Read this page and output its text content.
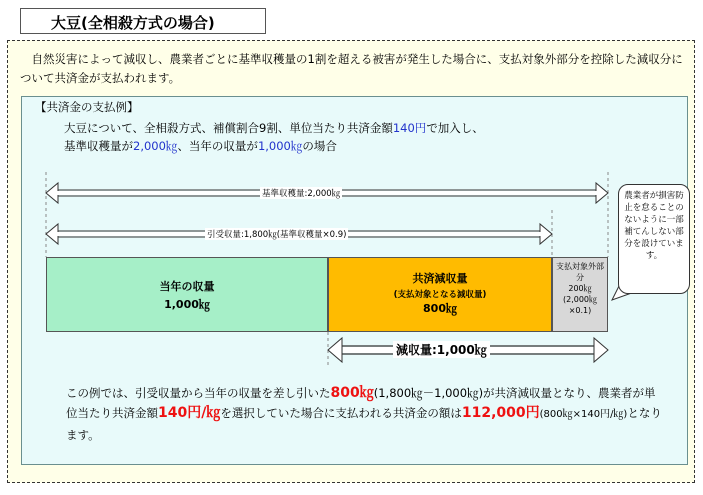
大豆(全相殺方式の場合)
自然災害によって減収し、農業者ごとに基準収穫量の1割を超える被害が発生した場合に、支払対象外部分を控除した減収分について共済金が支払われます。
【共済金の支払例】
大豆について、全相殺方式、補償割合9割、単位当たり共済金額140円で加入し、
基準収穫量が2,000㎏、当年の収量が1,000㎏の場合
基準収穫量:2,000㎏
引受収量:1,800㎏(基準収穫量×0.9)
減収量:1,000㎏
当年の収量
1,000㎏
共済減収量
(支払対象となる減収量)
800㎏
支払対象外部分
200㎏
(2,000㎏×0.1)
農業者が損害防止を怠ることのないように一部補てんしない部分を設けています。
この例では、引受収量から当年の収量を差し引いた800㎏(1,800㎏－1,000㎏)が共済減収量となり、農業者が単位当たり共済金額140円/㎏を選択していた場合に支払われる共済金の額は112,000円(800㎏×140円/㎏)となります。
